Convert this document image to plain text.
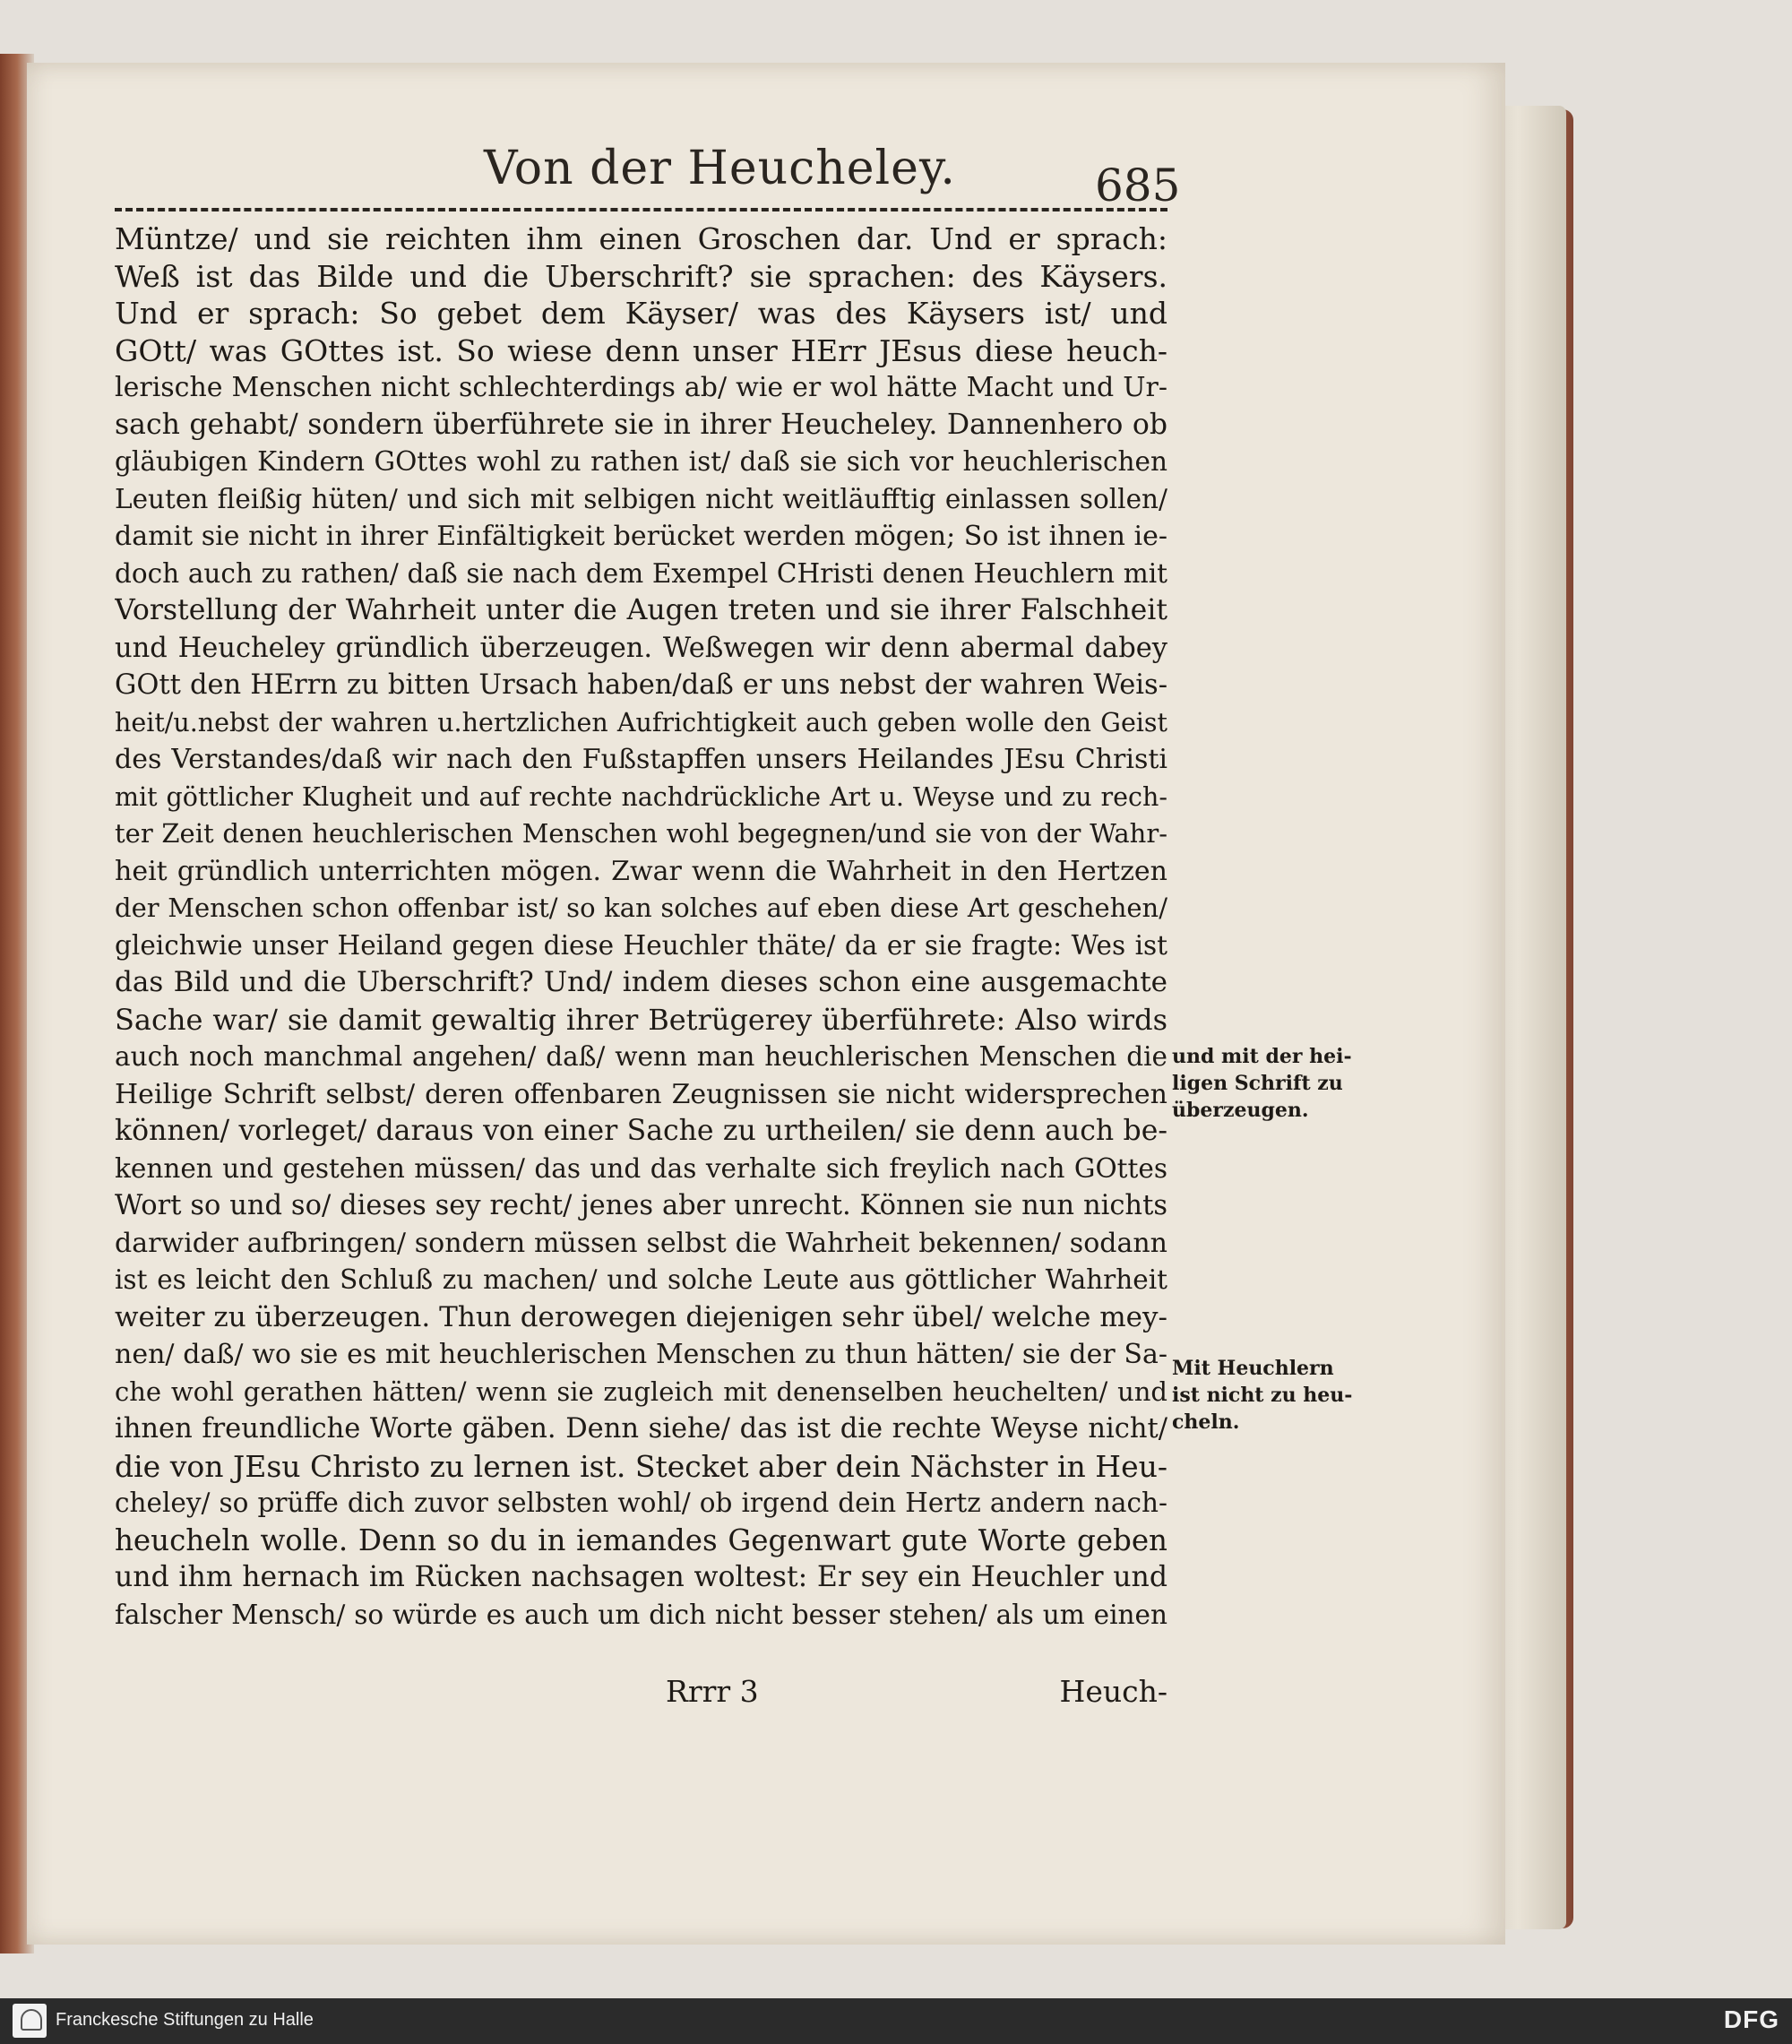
Von der Heucheley.	685
Müntze/ und sie reichten ihm einen Groschen dar. Und er sprach:
Weß ist das Bilde und die Uberschrift? sie sprachen: des Käysers.
Und er sprach: So gebet dem Käyser/ was des Käysers ist/ und
GOtt/ was GOttes ist. So wiese denn unser HErr JEsus diese heuch-
lerische Menschen nicht schlechterdings ab/ wie er wol hätte Macht und Ur-
sach gehabt/ sondern überführete sie in ihrer Heucheley. Dannenhero ob
gläubigen Kindern GOttes wohl zu rathen ist/ daß sie sich vor heuchlerischen
Leuten fleißig hüten/ und sich mit selbigen nicht weitläufftig einlassen sollen/
damit sie nicht in ihrer Einfältigkeit berücket werden mögen; So ist ihnen ie-
doch auch zu rathen/ daß sie nach dem Exempel CHristi denen Heuchlern mit
Vorstellung der Wahrheit unter die Augen treten und sie ihrer Falschheit
und Heucheley gründlich überzeugen. Weßwegen wir denn abermal dabey
GOtt den HErrn zu bitten Ursach haben/daß er uns nebst der wahren Weis-
heit/u.nebst der wahren u.hertzlichen Aufrichtigkeit auch geben wolle den Geist
des Verstandes/daß wir nach den Fußstapffen unsers Heilandes JEsu Christi
mit göttlicher Klugheit und auf rechte nachdrückliche Art u. Weyse und zu rech-
ter Zeit denen heuchlerischen Menschen wohl begegnen/und sie von der Wahr-
heit gründlich unterrichten mögen. Zwar wenn die Wahrheit in den Hertzen
der Menschen schon offenbar ist/ so kan solches auf eben diese Art geschehen/
gleichwie unser Heiland gegen diese Heuchler thäte/ da er sie fragte: Wes ist
das Bild und die Uberschrift? Und/ indem dieses schon eine ausgemachte
Sache war/ sie damit gewaltig ihrer Betrügerey überführete: Also wirds
auch noch manchmal angehen/ daß/ wenn man heuchlerischen Menschen die
Heilige Schrift selbst/ deren offenbaren Zeugnissen sie nicht widersprechen
können/ vorleget/ daraus von einer Sache zu urtheilen/ sie denn auch be-
kennen und gestehen müssen/ das und das verhalte sich freylich nach GOttes
Wort so und so/ dieses sey recht/ jenes aber unrecht. Können sie nun nichts
darwider aufbringen/ sondern müssen selbst die Wahrheit bekennen/ sodann
ist es leicht den Schluß zu machen/ und solche Leute aus göttlicher Wahrheit
weiter zu überzeugen. Thun derowegen diejenigen sehr übel/ welche mey-
nen/ daß/ wo sie es mit heuchlerischen Menschen zu thun hätten/ sie der Sa-
che wohl gerathen hätten/ wenn sie zugleich mit denenselben heuchelten/ und
ihnen freundliche Worte gäben. Denn siehe/ das ist die rechte Weyse nicht/
die von JEsu Christo zu lernen ist. Stecket aber dein Nächster in Heu-
cheley/ so prüffe dich zuvor selbsten wohl/ ob irgend dein Hertz andern nach-
heucheln wolle. Denn so du in iemandes Gegenwart gute Worte geben
und ihm hernach im Rücken nachsagen woltest: Er sey ein Heuchler und
falscher Mensch/ so würde es auch um dich nicht besser stehen/ als um einen
und mit der hei-
ligen Schrift zu
überzeugen.
Mit Heuchlern
ist nicht zu heu-
cheln.
Rrrr 3	Heuch-
Franckesche Stiftungen zu Halle	DFG
